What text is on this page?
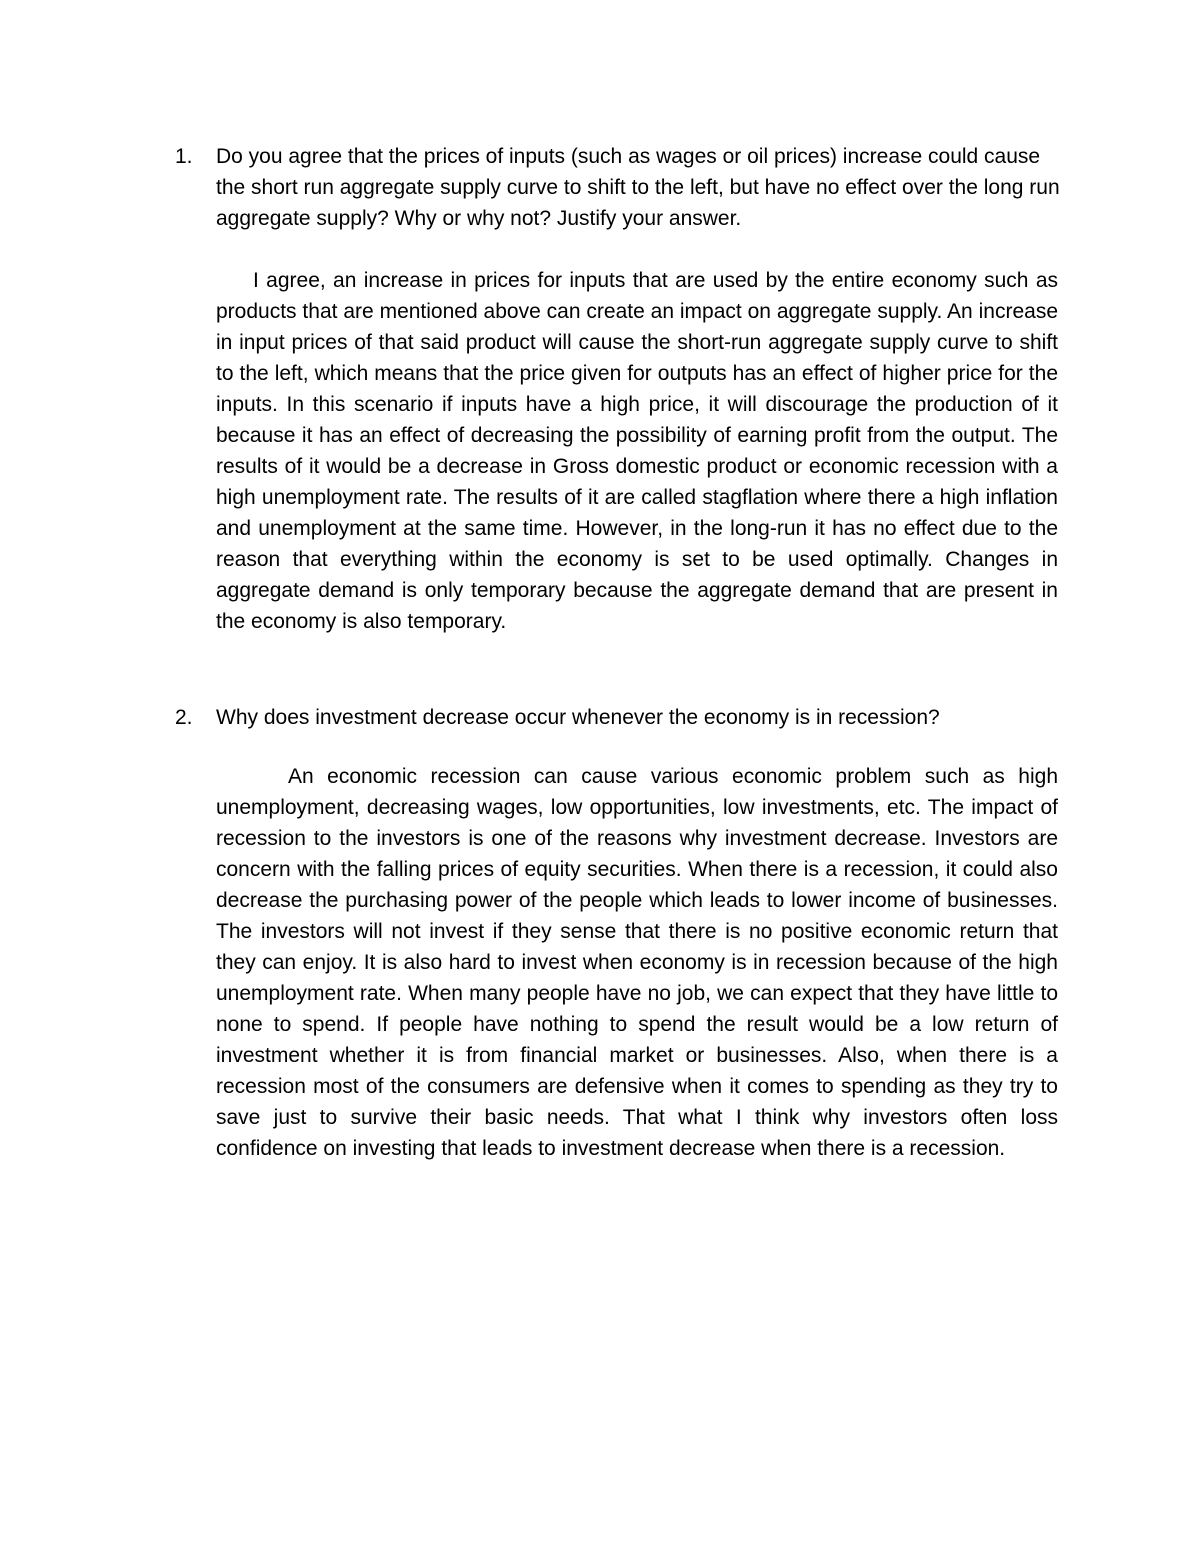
1.	Do you agree that the prices of inputs (such as wages or oil prices) increase could cause the short run aggregate supply curve to shift to the left, but have no effect over the long run aggregate supply? Why or why not? Justify your answer.

I agree, an increase in prices for inputs that are used by the entire economy such as products that are mentioned above can create an impact on aggregate supply. An increase in input prices of that said product will cause the short-run aggregate supply curve to shift to the left, which means that the price given for outputs has an effect of higher price for the inputs. In this scenario if inputs have a high price, it will discourage the production of it because it has an effect of decreasing the possibility of earning profit from the output. The results of it would be a decrease in Gross domestic product or economic recession with a high unemployment rate. The results of it are called stagflation where there a high inflation and unemployment at the same time. However, in the long-run it has no effect due to the reason that everything within the economy is set to be used optimally. Changes in aggregate demand is only temporary because the aggregate demand that are present in the economy is also temporary.

2.	Why does investment decrease occur whenever the economy is in recession?

An economic recession can cause various economic problem such as high unemployment, decreasing wages, low opportunities, low investments, etc. The impact of recession to the investors is one of the reasons why investment decrease. Investors are concern with the falling prices of equity securities. When there is a recession, it could also decrease the purchasing power of the people which leads to lower income of businesses. The investors will not invest if they sense that there is no positive economic return that they can enjoy. It is also hard to invest when economy is in recession because of the high unemployment rate. When many people have no job, we can expect that they have little to none to spend. If people have nothing to spend the result would be a low return of investment whether it is from financial market or businesses. Also, when there is a recession most of the consumers are defensive when it comes to spending as they try to save just to survive their basic needs. That what I think why investors often loss confidence on investing that leads to investment decrease when there is a recession.
